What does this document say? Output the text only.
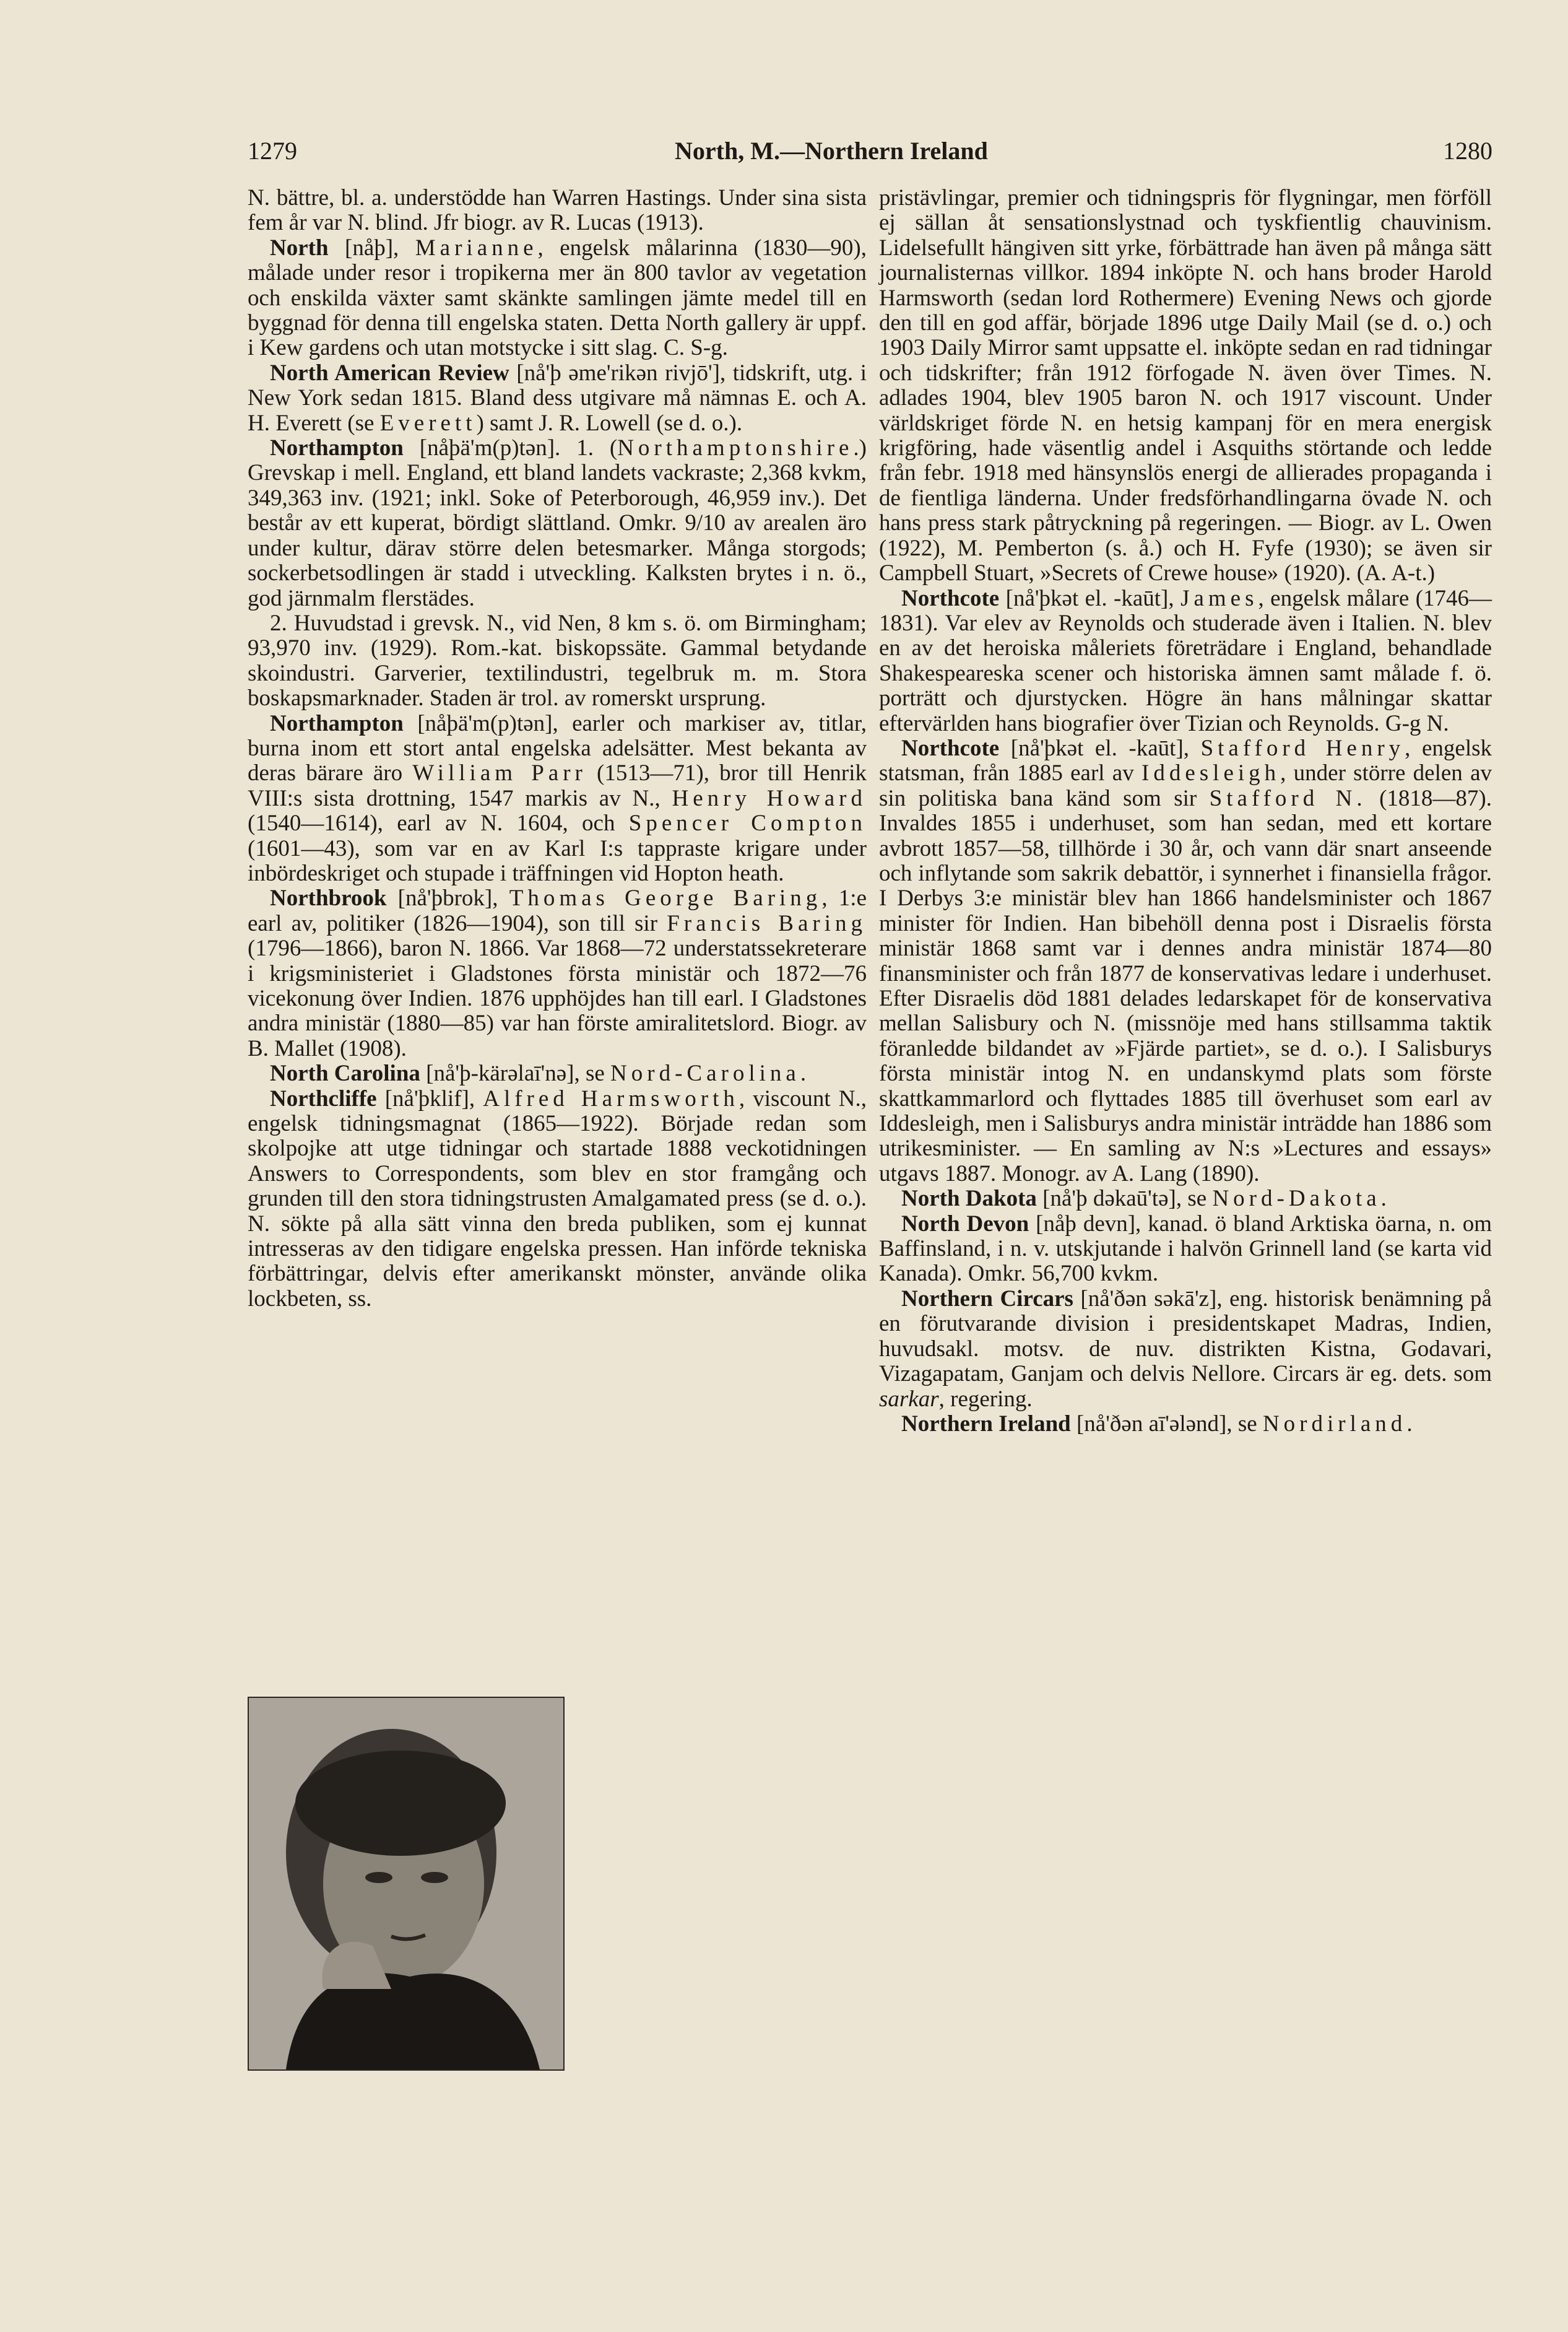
1279	North, M.—Northern Ireland	1280

N. bättre, bl. a. understödde han Warren Hastings. Under sina sista fem år var N. blind. Jfr biogr. av R. Lucas (1913).

North [nåþ], Marianne, engelsk målarinna (1830—90), målade under resor i tropikerna mer än 800 tavlor av vegetation och enskilda växter samt skänkte samlingen jämte medel till en byggnad för denna till engelska staten. Detta North gallery är uppf. i Kew gardens och utan motstycke i sitt slag. C. S-g.

North American Review [nå'þ əme'rikən rivjō'], tidskrift, utg. i New York sedan 1815. Bland dess utgivare må nämnas E. och A. H. Everett (se Everett) samt J. R. Lowell (se d. o.).

Northampton [nåþä'm(p)tən]. 1. (Northamptonshire.) Grevskap i mell. England, ett bland landets vackraste; 2,368 kvkm, 349,363 inv. (1921; inkl. Soke of Peterborough, 46,959 inv.). Det består av ett kuperat, bördigt slättland. Omkr. 9/10 av arealen äro under kultur, därav större delen betesmarker. Många storgods; sockerbetsodlingen är stadd i utveckling. Kalksten brytes i n. ö., god järnmalm flerstädes.

2. Huvudstad i grevsk. N., vid Nen, 8 km s. ö. om Birmingham; 93,970 inv. (1929). Rom.-kat. biskopssäte. Gammal betydande skoindustri. Garverier, textilindustri, tegelbruk m. m. Stora boskapsmarknader. Staden är trol. av romerskt ursprung.

Northampton [nåþä'm(p)tən], earler och markiser av, titlar, burna inom ett stort antal engelska adelsätter. Mest bekanta av deras bärare äro William Parr (1513—71), bror till Henrik VIII:s sista drottning, 1547 markis av N., Henry Howard (1540—1614), earl av N. 1604, och Spencer Compton (1601—43), som var en av Karl I:s tappraste krigare under inbördeskriget och stupade i träffningen vid Hopton heath.

Northbrook [nå'þbrok], Thomas George Baring, 1:e earl av, politiker (1826—1904), son till sir Francis Baring (1796—1866), baron N. 1866. Var 1868—72 understatssekreterare i krigsministeriet i Gladstones första ministär och 1872—76 vicekonung över Indien. 1876 upphöjdes han till earl. I Gladstones andra ministär (1880—85) var han förste amiralitetslord. Biogr. av B. Mallet (1908).

North Carolina [nå'þ-kärəlaī'nə], se Nord-Carolina.

Northcliffe [nå'þklif], Alfred Harmsworth, viscount N., engelsk tidningsmagnat (1865—1922). Började redan som skolpojke att utge tidningar och startade 1888 veckotidningen Answers to Correspondents, som blev en stor framgång och grunden till den stora tidningstrusten Amalgamated press (se d. o.). N. sökte på alla sätt vinna den breda publiken, som ej kunnat intresseras av den tidigare engelska pressen. Han införde tekniska förbättringar, delvis efter amerikanskt mönster, använde olika lockbeten, ss.

pristävlingar, premier och tidningspris för flygningar, men förföll ej sällan åt sensationslystnad och tyskfientlig chauvinism. Lidelsefullt hängiven sitt yrke, förbättrade han även på många sätt journalisternas villkor. 1894 inköpte N. och hans broder Harold Harmsworth (sedan lord Rothermere) Evening News och gjorde den till en god affär, började 1896 utge Daily Mail (se d. o.) och 1903 Daily Mirror samt uppsatte el. inköpte sedan en rad tidningar och tidskrifter; från 1912 förfogade N. även över Times. N. adlades 1904, blev 1905 baron N. och 1917 viscount. Under världskriget förde N. en hetsig kampanj för en mera energisk krigföring, hade väsentlig andel i Asquiths störtande och ledde från febr. 1918 med hänsynslös energi de allierades propaganda i de fientliga länderna. Under fredsförhandlingarna övade N. och hans press stark påtryckning på regeringen. — Biogr. av L. Owen (1922), M. Pemberton (s. å.) och H. Fyfe (1930); se även sir Campbell Stuart, »Secrets of Crewe house» (1920). (A. A-t.)

Northcote [nå'þkət el. -kaūt], James, engelsk målare (1746—1831). Var elev av Reynolds och studerade även i Italien. N. blev en av det heroiska måleriets företrädare i England, behandlade Shakespeareska scener och historiska ämnen samt målade f. ö. porträtt och djurstycken. Högre än hans målningar skattar eftervärlden hans biografier över Tizian och Reynolds. G-g N.

Northcote [nå'þkət el. -kaūt], Stafford Henry, engelsk statsman, från 1885 earl av Iddesleigh, under större delen av sin politiska bana känd som sir Stafford N. (1818—87). Invaldes 1855 i underhuset, som han sedan, med ett kortare avbrott 1857—58, tillhörde i 30 år, och vann där snart anseende och inflytande som sakrik debattör, i synnerhet i finansiella frågor. I Derbys 3:e ministär blev han 1866 handelsminister och 1867 minister för Indien. Han bibehöll denna post i Disraelis första ministär 1868 samt var i dennes andra ministär 1874—80 finansminister och från 1877 de konservativas ledare i underhuset. Efter Disraelis död 1881 delades ledarskapet för de konservativa mellan Salisbury och N. (missnöje med hans stillsamma taktik föranledde bildandet av »Fjärde partiet», se d. o.). I Salisburys första ministär intog N. en undanskymd plats som förste skattkammarlord och flyttades 1885 till överhuset som earl av Iddesleigh, men i Salisburys andra ministär inträdde han 1886 som utrikesminister. — En samling av N:s »Lectures and essays» utgavs 1887. Monogr. av A. Lang (1890).

North Dakota [nå'þ dəkaū'tə], se Nord-Dakota.

North Devon [nåþ devn], kanad. ö bland Arktiska öarna, n. om Baffinsland, i n. v. utskjutande i halvön Grinnell land (se karta vid Kanada). Omkr. 56,700 kvkm.

Northern Circars [nå'ðən səkā'z], eng. historisk benämning på en förutvarande division i presidentskapet Madras, Indien, huvudsakl. motsv. de nuv. distrikten Kistna, Godavari, Vizagapatam, Ganjam och delvis Nellore. Circars är eg. dets. som sarkar, regering.

Northern Ireland [nå'ðən aī'ələnd], se Nordirland.
